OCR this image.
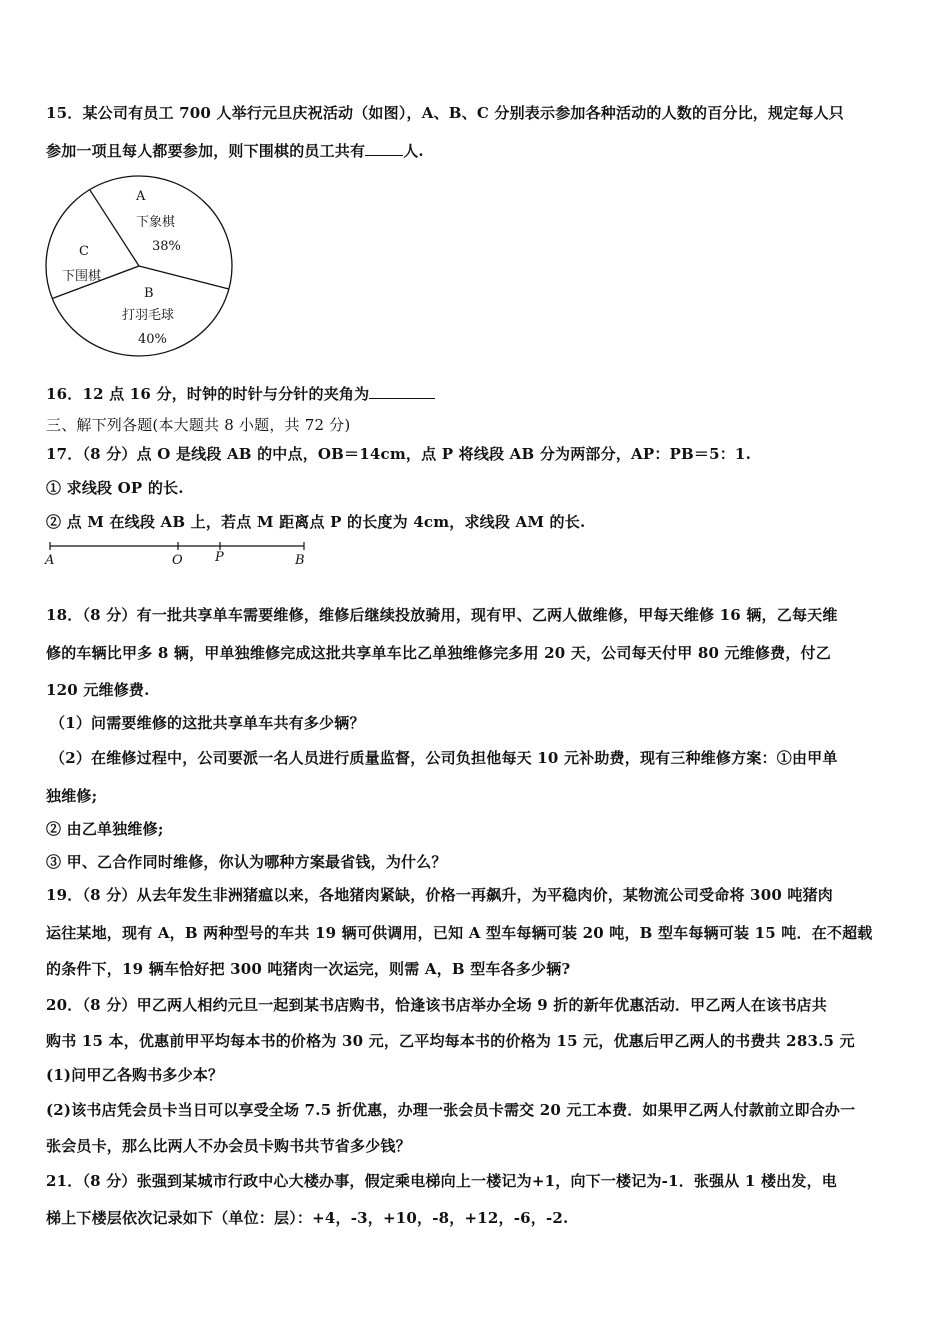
15．某公司有员工 700 人举行元旦庆祝活动（如图），A、B、C 分别表示参加各种活动的人数的百分比，规定每人只
参加一项且每人都要参加，则下围棋的员工共有	人.
A
下象棋
38%
C
下围棋
B
打羽毛球
40%
16．12 点 16 分，时钟的时针与分针的夹角为
三、解下列各题(本大题共 8 小题，共 72 分)
17．（8 分）点 O 是线段 AB 的中点，OB＝14cm，点 P 将线段 AB 分为两部分，AP：PB＝5：1.
① 求线段 OP 的长.
② 点 M 在线段 AB 上，若点 M 距离点 P 的长度为 4cm，求线段 AM 的长.
A	O P	B
18．（8 分）有一批共享单车需要维修，维修后继续投放骑用，现有甲、乙两人做维修，甲每天维修 16 辆，乙每天维
修的车辆比甲多 8 辆，甲单独维修完成这批共享单车比乙单独维修完多用 20 天，公司每天付甲 80 元维修费，付乙
120 元维修费.
（1）问需要维修的这批共享单车共有多少辆？
（2）在维修过程中，公司要派一名人员进行质量监督，公司负担他每天 10 元补助费，现有三种维修方案：①由甲单
独维修;
② 由乙单独维修;
③ 甲、乙合作同时维修，你认为哪种方案最省钱，为什么？
19．（8 分）从去年发生非洲猪瘟以来，各地猪肉紧缺，价格一再飙升，为平稳肉价，某物流公司受命将 300 吨猪肉
运往某地，现有 A，B 两种型号的车共 19 辆可供调用，已知 A 型车每辆可装 20 吨，B 型车每辆可装 15 吨．在不超载
的条件下，19 辆车恰好把 300 吨猪肉一次运完，则需 A，B 型车各多少辆?
20．（8 分）甲乙两人相约元旦一起到某书店购书，恰逢该书店举办全场 9 折的新年优惠活动．甲乙两人在该书店共
购书 15 本，优惠前甲平均每本书的价格为 30 元，乙平均每本书的价格为 15 元，优惠后甲乙两人的书费共 283.5 元
(1)问甲乙各购书多少本？
(2)该书店凭会员卡当日可以享受全场 7.5 折优惠，办理一张会员卡需交 20 元工本费．如果甲乙两人付款前立即合办一
张会员卡，那么比两人不办会员卡购书共节省多少钱？
21．（8 分）张强到某城市行政中心大楼办事，假定乘电梯向上一楼记为+1，向下一楼记为-1．张强从 1 楼出发，电
梯上下楼层依次记录如下（单位：层）：+4，-3，+10，-8，+12，-6，-2.
